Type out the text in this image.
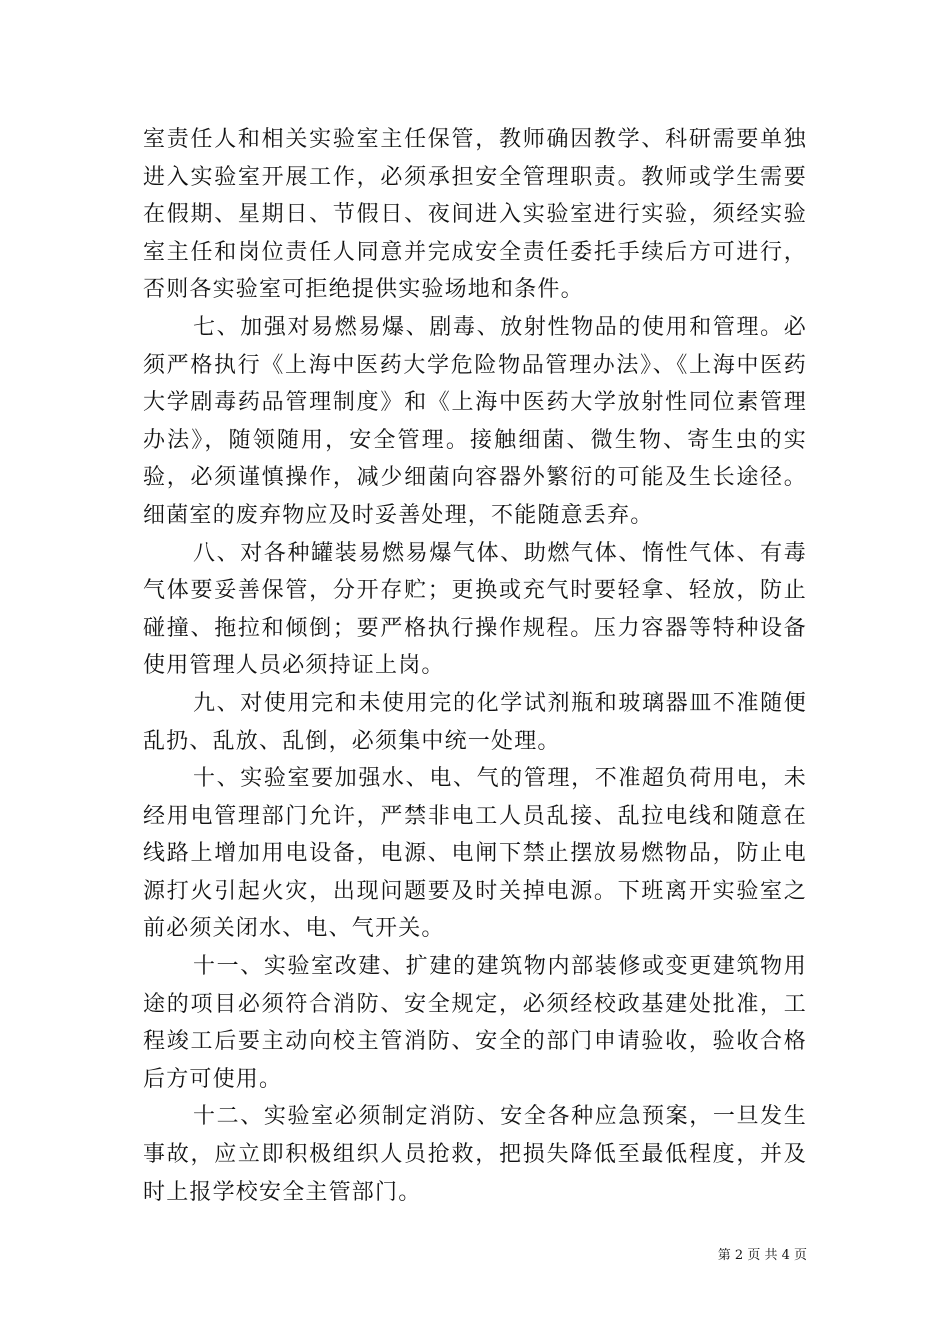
室责任人和相关实验室主任保管，教师确因教学、科研需要单独进入实验室开展工作，必须承担安全管理职责。教师或学生需要在假期、星期日、节假日、夜间进入实验室进行实验，须经实验室主任和岗位责任人同意并完成安全责任委托手续后方可进行，否则各实验室可拒绝提供实验场地和条件。

七、加强对易燃易爆、剧毒、放射性物品的使用和管理。必须严格执行《上海中医药大学危险物品管理办法》、《上海中医药大学剧毒药品管理制度》和《上海中医药大学放射性同位素管理办法》，随领随用，安全管理。接触细菌、微生物、寄生虫的实验，必须谨慎操作，减少细菌向容器外繁衍的可能及生长途径。细菌室的废弃物应及时妥善处理，不能随意丢弃。

八、对各种罐装易燃易爆气体、助燃气体、惰性气体、有毒气体要妥善保管，分开存贮；更换或充气时要轻拿、轻放，防止碰撞、拖拉和倾倒；要严格执行操作规程。压力容器等特种设备使用管理人员必须持证上岗。

九、对使用完和未使用完的化学试剂瓶和玻璃器皿不准随便乱扔、乱放、乱倒，必须集中统一处理。

十、实验室要加强水、电、气的管理，不准超负荷用电，未经用电管理部门允许，严禁非电工人员乱接、乱拉电线和随意在线路上增加用电设备，电源、电闸下禁止摆放易燃物品，防止电源打火引起火灾，出现问题要及时关掉电源。下班离开实验室之前必须关闭水、电、气开关。

十一、实验室改建、扩建的建筑物内部装修或变更建筑物用途的项目必须符合消防、安全规定，必须经校政基建处批准，工程竣工后要主动向校主管消防、安全的部门申请验收，验收合格后方可使用。

十二、实验室必须制定消防、安全各种应急预案，一旦发生事故，应立即积极组织人员抢救，把损失降低至最低程度，并及时上报学校安全主管部门。

第 2 页 共 4 页
